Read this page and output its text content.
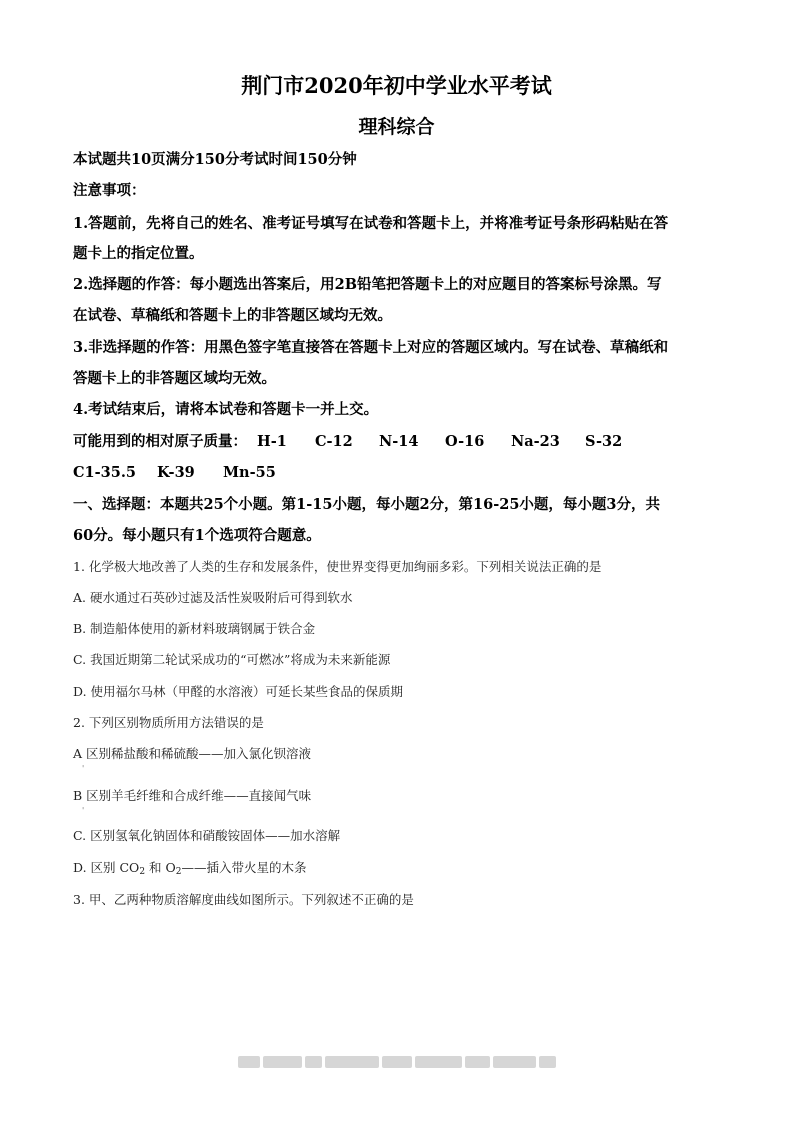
荆门市2020年初中学业水平考试
理科综合
本试题共10页满分150分考试时间150分钟
注意事项：
1.答题前，先将自己的姓名、准考证号填写在试卷和答题卡上，并将准考证号条形码粘贴在答
题卡上的指定位置。
2.选择题的作答：每小题选出答案后，用2B铅笔把答题卡上的对应题目的答案标号涂黑。写
在试卷、草稿纸和答题卡上的非答题区域均无效。
3.非选择题的作答：用黑色签字笔直接答在答题卡上对应的答题区域内。写在试卷、草稿纸和
答题卡上的非答题区域均无效。
4.考试结束后，请将本试卷和答题卡一并上交。
可能用到的相对原子质量： H-1 C-12 N-14 O-16 Na-23 S-32
C1-35.5 K-39 Mn-55
一、选择题：本题共25个小题。第1-15小题，每小题2分，第16-25小题，每小题3分，共
60分。每小题只有1个选项符合题意。
1. 化学极大地改善了人类的生存和发展条件，使世界变得更加绚丽多彩。下列相关说法正确的是
A. 硬水通过石英砂过滤及活性炭吸附后可得到软水
B. 制造船体使用的新材料玻璃钢属于铁合金
C. 我国近期第二轮试采成功的“可燃冰”将成为未来新能源
D. 使用福尔马林（甲醛的水溶液）可延长某些食品的保质期
2. 下列区别物质所用方法错误的是
A 区别稀盐酸和稀硫酸——加入氯化钡溶液
'
B 区别羊毛纤维和合成纤维——直接闻气味
'
C. 区别氢氧化钠固体和硝酸铵固体——加水溶解
D. 区别 $CO_2$ 和 $O_2——$插入带火星的木条
3. 甲、乙两种物质溶解度曲线如图所示。下列叙述不正确的是
